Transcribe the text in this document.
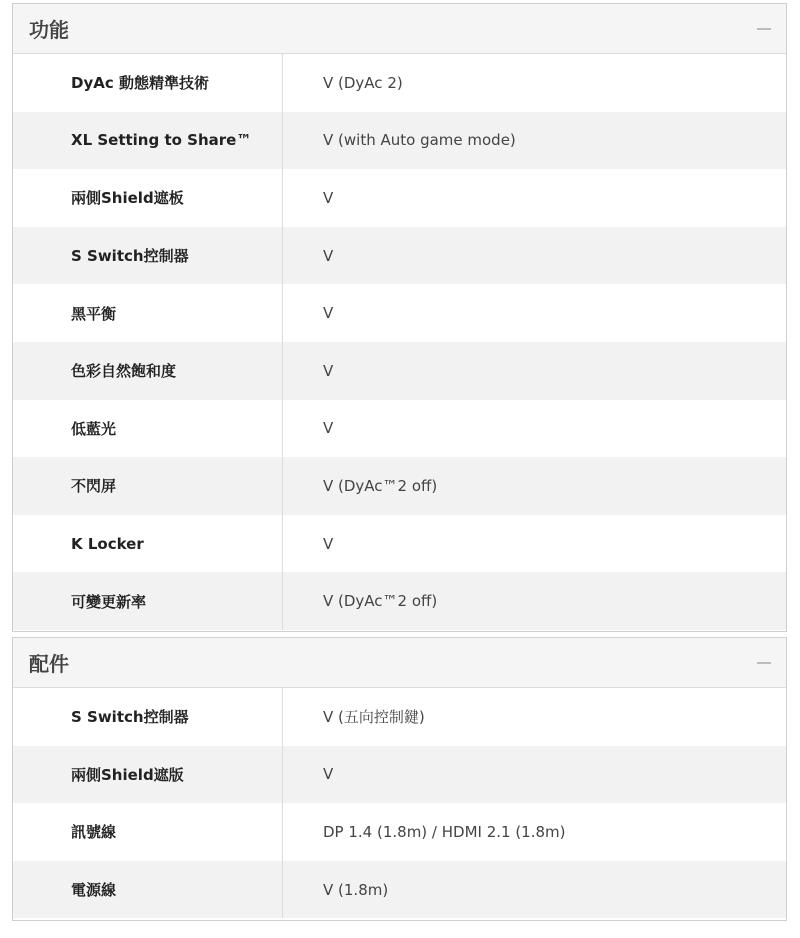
功能
DyAc 動態精準技術	V (DyAc 2)
XL Setting to Share™	V (with Auto game mode)
兩側Shield遮板	V
S Switch控制器	V
黑平衡	V
色彩自然飽和度	V
低藍光	V
不閃屏	V (DyAc™2 off)
K Locker	V
可變更新率	V (DyAc™2 off)
配件
S Switch控制器	V (五向控制鍵)
兩側Shield遮版	V
訊號線	DP 1.4 (1.8m) / HDMI 2.1 (1.8m)
電源線	V (1.8m)
